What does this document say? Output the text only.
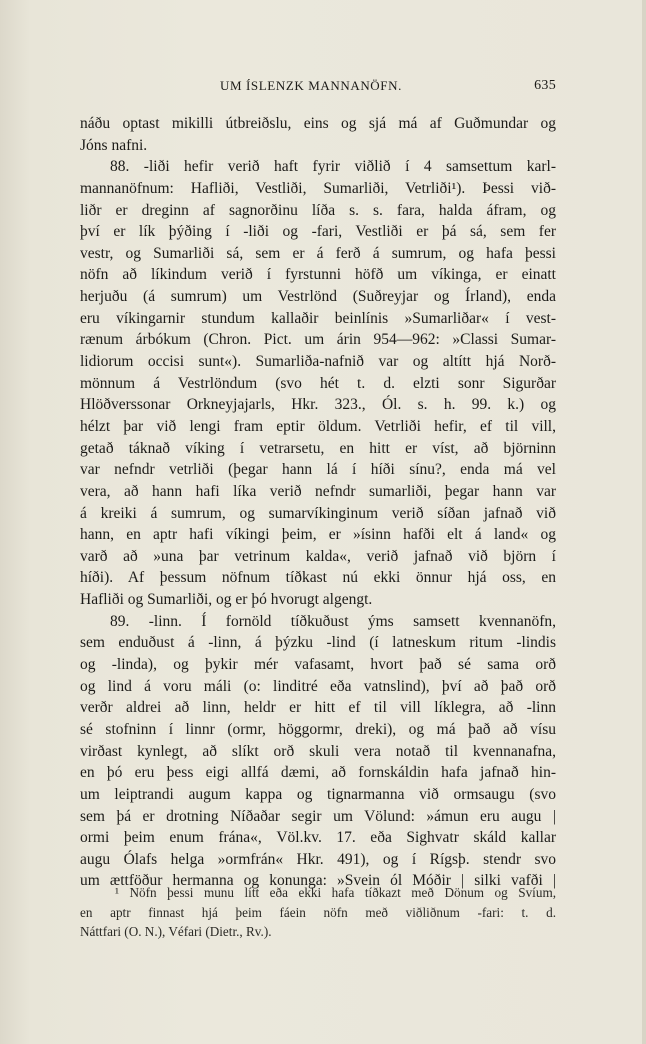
UM ÍSLENZK MANNANÖFN.	635
náðu optast mikilli útbreiðslu, eins og sjá má af Guðmundar og
Jóns nafni.
88. -liði hefir verið haft fyrir viðlið í 4 samsettum karl-
mannanöfnum: Hafliði, Vestliði, Sumarliði, Vetrliði¹). Þessi við-
liðr er dreginn af sagnorðinu líða s. s. fara, halda áfram, og
því er lík þýðing í -liði og -fari, Vestliði er þá sá, sem fer
vestr, og Sumarliði sá, sem er á ferð á sumrum, og hafa þessi
nöfn að líkindum verið í fyrstunni höfð um víkinga, er einatt
herjuðu (á sumrum) um Vestrlönd (Suðreyjar og Írland), enda
eru víkingarnir stundum kallaðir beinlínis »Sumarliðar« í vest-
rænum árbókum (Chron. Pict. um árin 954—962: »Classi Sumar-
lidiorum occisi sunt«). Sumarliða-nafnið var og altítt hjá Norð-
mönnum á Vestrlöndum (svo hét t. d. elzti sonr Sigurðar
Hlöðverssonar Orkneyjajarls, Hkr. 323., Ól. s. h. 99. k.) og
hélzt þar við lengi fram eptir öldum. Vetrliði hefir, ef til vill,
getað táknað víking í vetrarsetu, en hitt er víst, að björninn
var nefndr vetrliði (þegar hann lá í híði sínu?, enda má vel
vera, að hann hafi líka verið nefndr sumarliði, þegar hann var
á kreiki á sumrum, og sumarvíkinginum verið síðan jafnað við
hann, en aptr hafi víkingi þeim, er »ísinn hafði elt á land« og
varð að »una þar vetrinum kalda«, verið jafnað við björn í
híði). Af þessum nöfnum tíðkast nú ekki önnur hjá oss, en
Hafliði og Sumarliði, og er þó hvorugt algengt.
89. -linn. Í fornöld tíðkuðust ýms samsett kvennanöfn,
sem enduðust á -linn, á þýzku -lind (í latneskum ritum -lindis
og -linda), og þykir mér vafasamt, hvort það sé sama orð
og lind á voru máli (o: linditré eða vatnslind), því að það orð
verðr aldrei að linn, heldr er hitt ef til vill líklegra, að -linn
sé stofninn í linnr (ormr, höggormr, dreki), og má það að vísu
virðast kynlegt, að slíkt orð skuli vera notað til kvennanafna,
en þó eru þess eigi allfá dæmi, að fornskáldin hafa jafnað hin-
um leiptrandi augum kappa og tignarmanna við ormsaugu (svo
sem þá er drotning Níðaðar segir um Völund: »ámun eru augu |
ormi þeim enum fránа«, Völ.kv. 17. eða Sighvatr skáld kallar
augu Ólafs helga »ormfrán« Hkr. 491), og í Rígsþ. stendr svo
um ættföður hermanna og konunga: »Svein ól Móðir | silki vafði |
¹ Nöfn þessi munu lítt eða ekki hafa tíðkazt með Dönum og Svíum,
en aptr finnast hjá þeim fáein nöfn með viðliðnum -fari: t. d.
Náttfari (O. N.), Véfari (Dietr., Rv.).
